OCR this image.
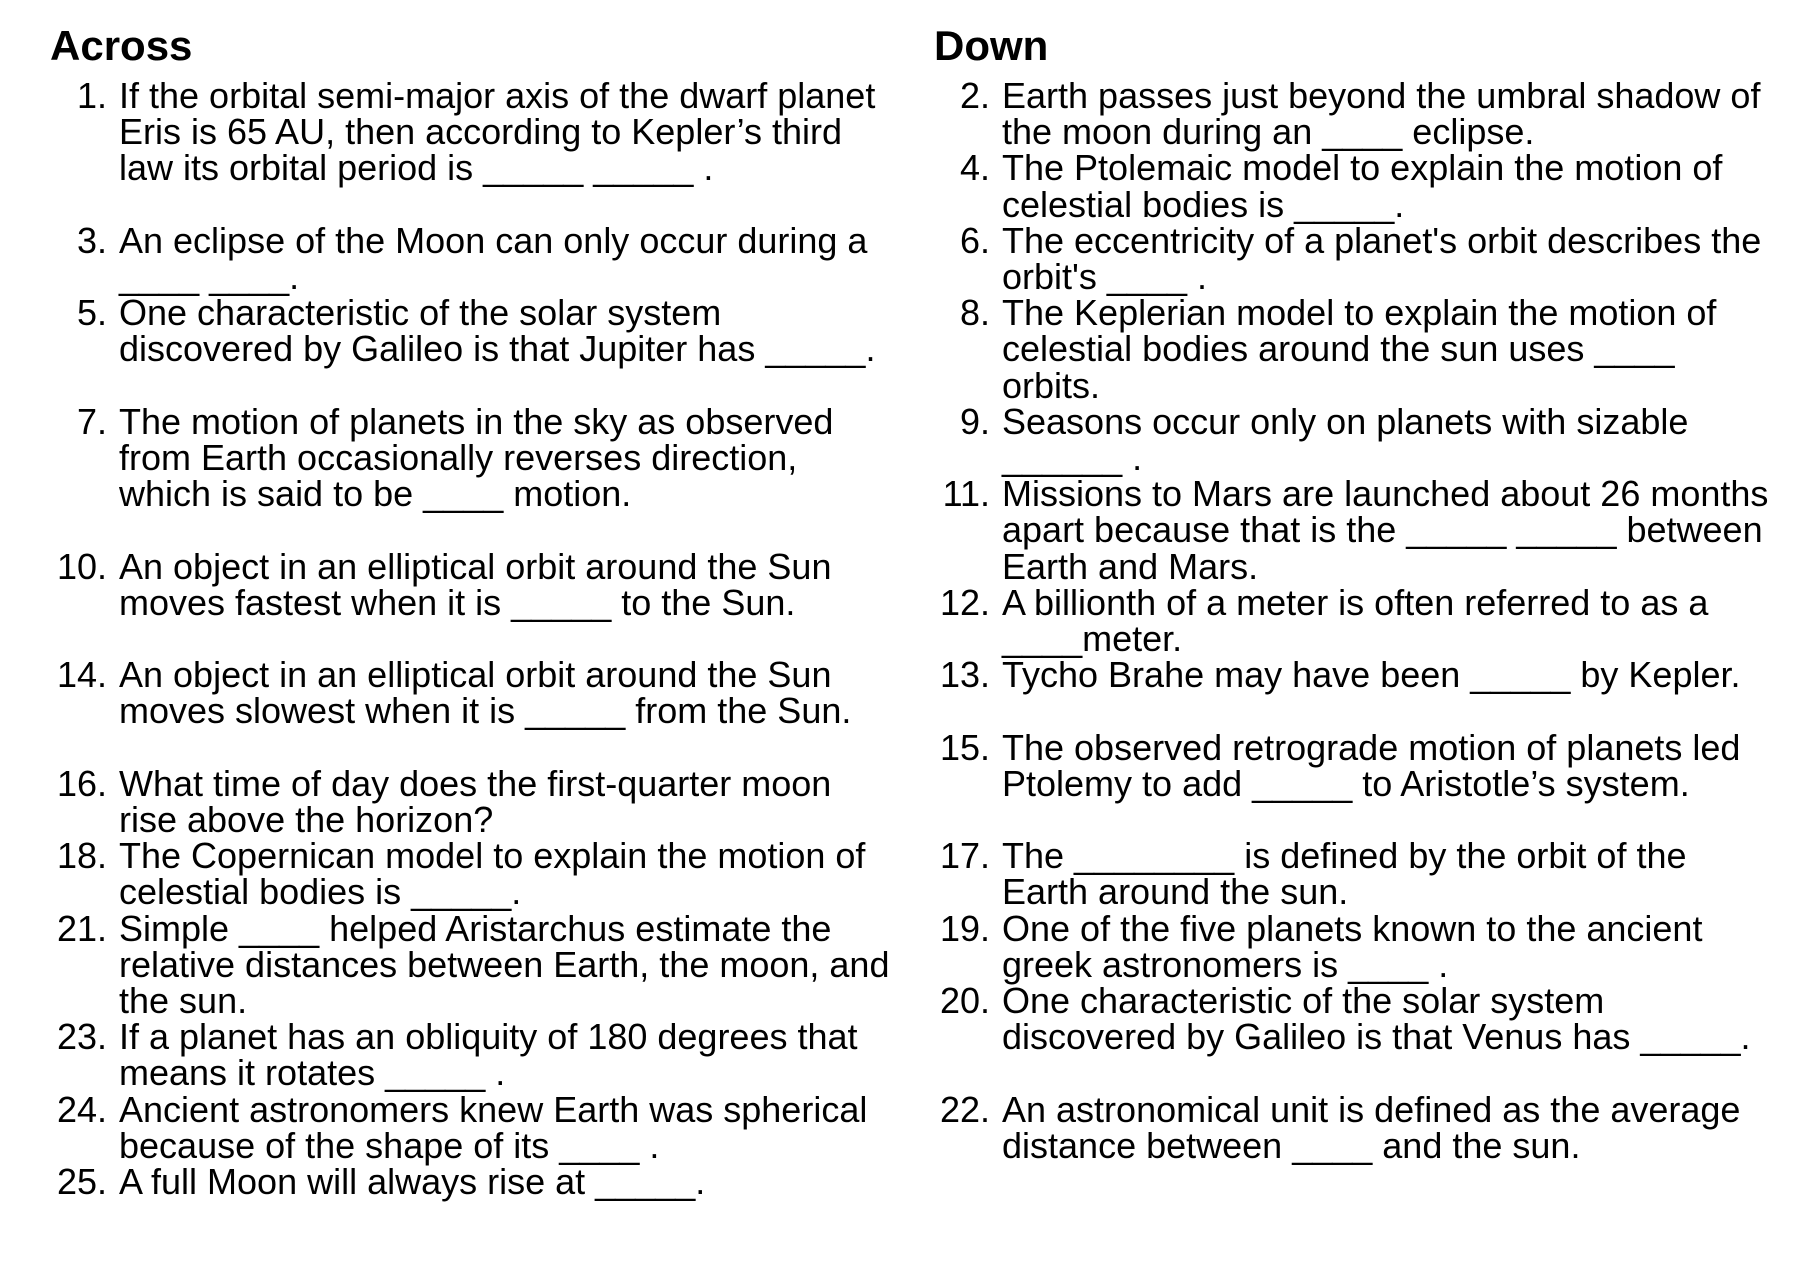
Across
1. If the orbital semi-major axis of the dwarf planet
Eris is 65 AU, then according to Kepler’s third
law its orbital period is _____ _____ .
3. An eclipse of the Moon can only occur during a
____ ____.
5. One characteristic of the solar system
discovered by Galileo is that Jupiter has _____.
7. The motion of planets in the sky as observed
from Earth occasionally reverses direction,
which is said to be ____ motion.
10. An object in an elliptical orbit around the Sun
moves fastest when it is _____ to the Sun.
14. An object in an elliptical orbit around the Sun
moves slowest when it is _____ from the Sun.
16. What time of day does the first-quarter moon
rise above the horizon?
18. The Copernican model to explain the motion of
celestial bodies is _____.
21. Simple ____ helped Aristarchus estimate the
relative distances between Earth, the moon, and
the sun.
23. If a planet has an obliquity of 180 degrees that
means it rotates _____ .
24. Ancient astronomers knew Earth was spherical
because of the shape of its ____ .
25. A full Moon will always rise at _____.
Down
2. Earth passes just beyond the umbral shadow of
the moon during an ____ eclipse.
4. The Ptolemaic model to explain the motion of
celestial bodies is _____.
6. The eccentricity of a planet's orbit describes the
orbit's ____ .
8. The Keplerian model to explain the motion of
celestial bodies around the sun uses ____
orbits.
9. Seasons occur only on planets with sizable
______ .
11. Missions to Mars are launched about 26 months
apart because that is the _____ _____ between
Earth and Mars.
12. A billionth of a meter is often referred to as a
____meter.
13. Tycho Brahe may have been _____ by Kepler.
15. The observed retrograde motion of planets led
Ptolemy to add _____ to Aristotle’s system.
17. The ________ is defined by the orbit of the
Earth around the sun.
19. One of the five planets known to the ancient
greek astronomers is ____ .
20. One characteristic of the solar system
discovered by Galileo is that Venus has _____.
22. An astronomical unit is defined as the average
distance between ____ and the sun.
